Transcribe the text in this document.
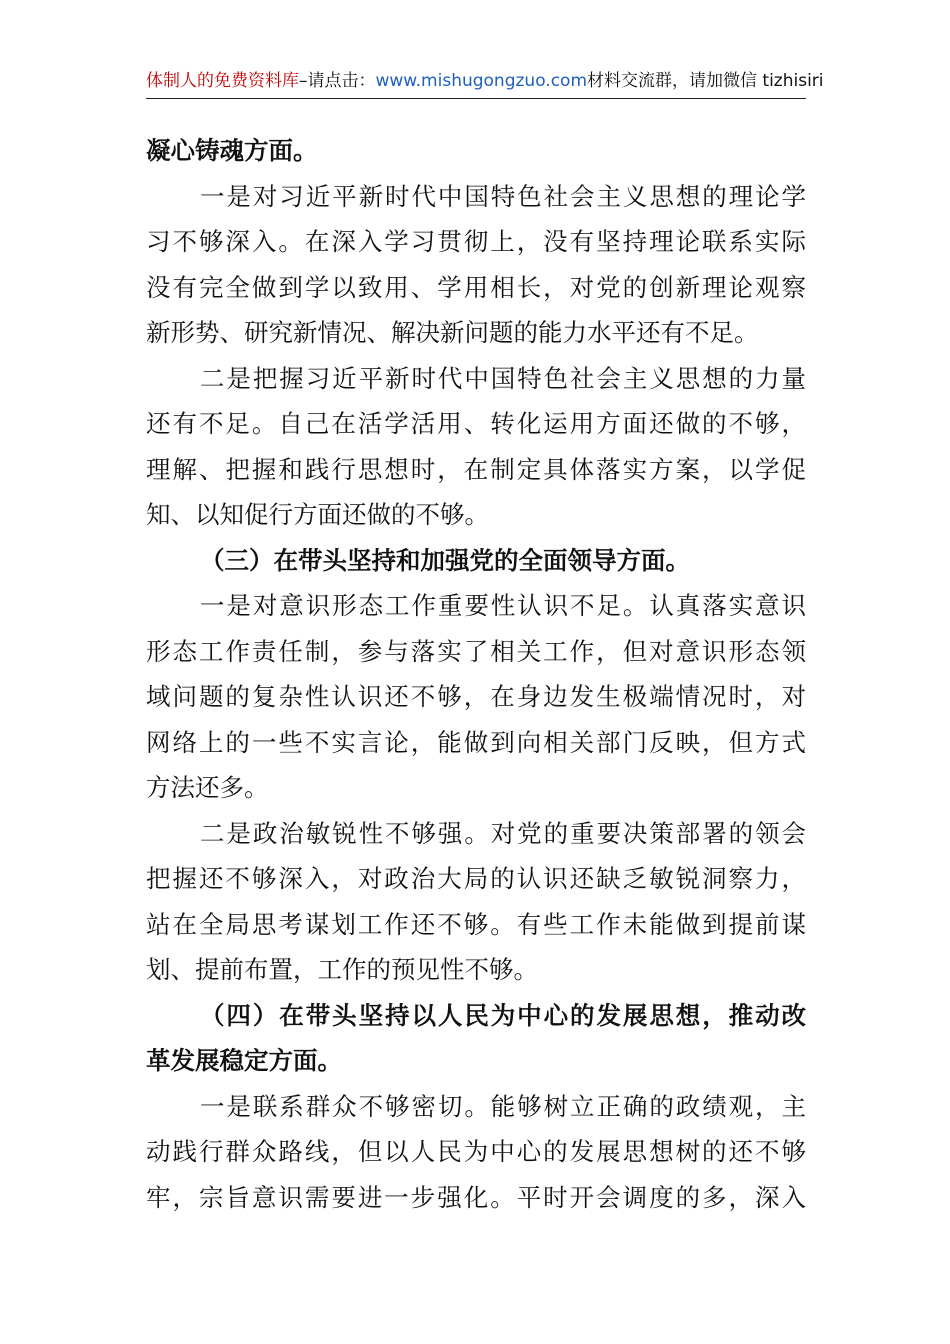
体制人的免费资料库–请点击：www.mishugongzuo.com材料交流群，请加微信 tizhisiri
凝心铸魂方面。
一是对习近平新时代中国特色社会主义思想的理论学
习不够深入。在深入学习贯彻上，没有坚持理论联系实际
没有完全做到学以致用、学用相长，对党的创新理论观察
新形势、研究新情况、解决新问题的能力水平还有不足。
二是把握习近平新时代中国特色社会主义思想的力量
还有不足。自己在活学活用、转化运用方面还做的不够，
理解、把握和践行思想时，在制定具体落实方案，以学促
知、以知促行方面还做的不够。
（三）在带头坚持和加强党的全面领导方面。
一是对意识形态工作重要性认识不足。认真落实意识
形态工作责任制，参与落实了相关工作，但对意识形态领
域问题的复杂性认识还不够，在身边发生极端情况时，对
网络上的一些不实言论，能做到向相关部门反映，但方式
方法还多。
二是政治敏锐性不够强。对党的重要决策部署的领会
把握还不够深入，对政治大局的认识还缺乏敏锐洞察力，
站在全局思考谋划工作还不够。有些工作未能做到提前谋
划、提前布置，工作的预见性不够。
（四）在带头坚持以人民为中心的发展思想，推动改
革发展稳定方面。
一是联系群众不够密切。能够树立正确的政绩观，主
动践行群众路线，但以人民为中心的发展思想树的还不够
牢，宗旨意识需要进一步强化。平时开会调度的多，深入
